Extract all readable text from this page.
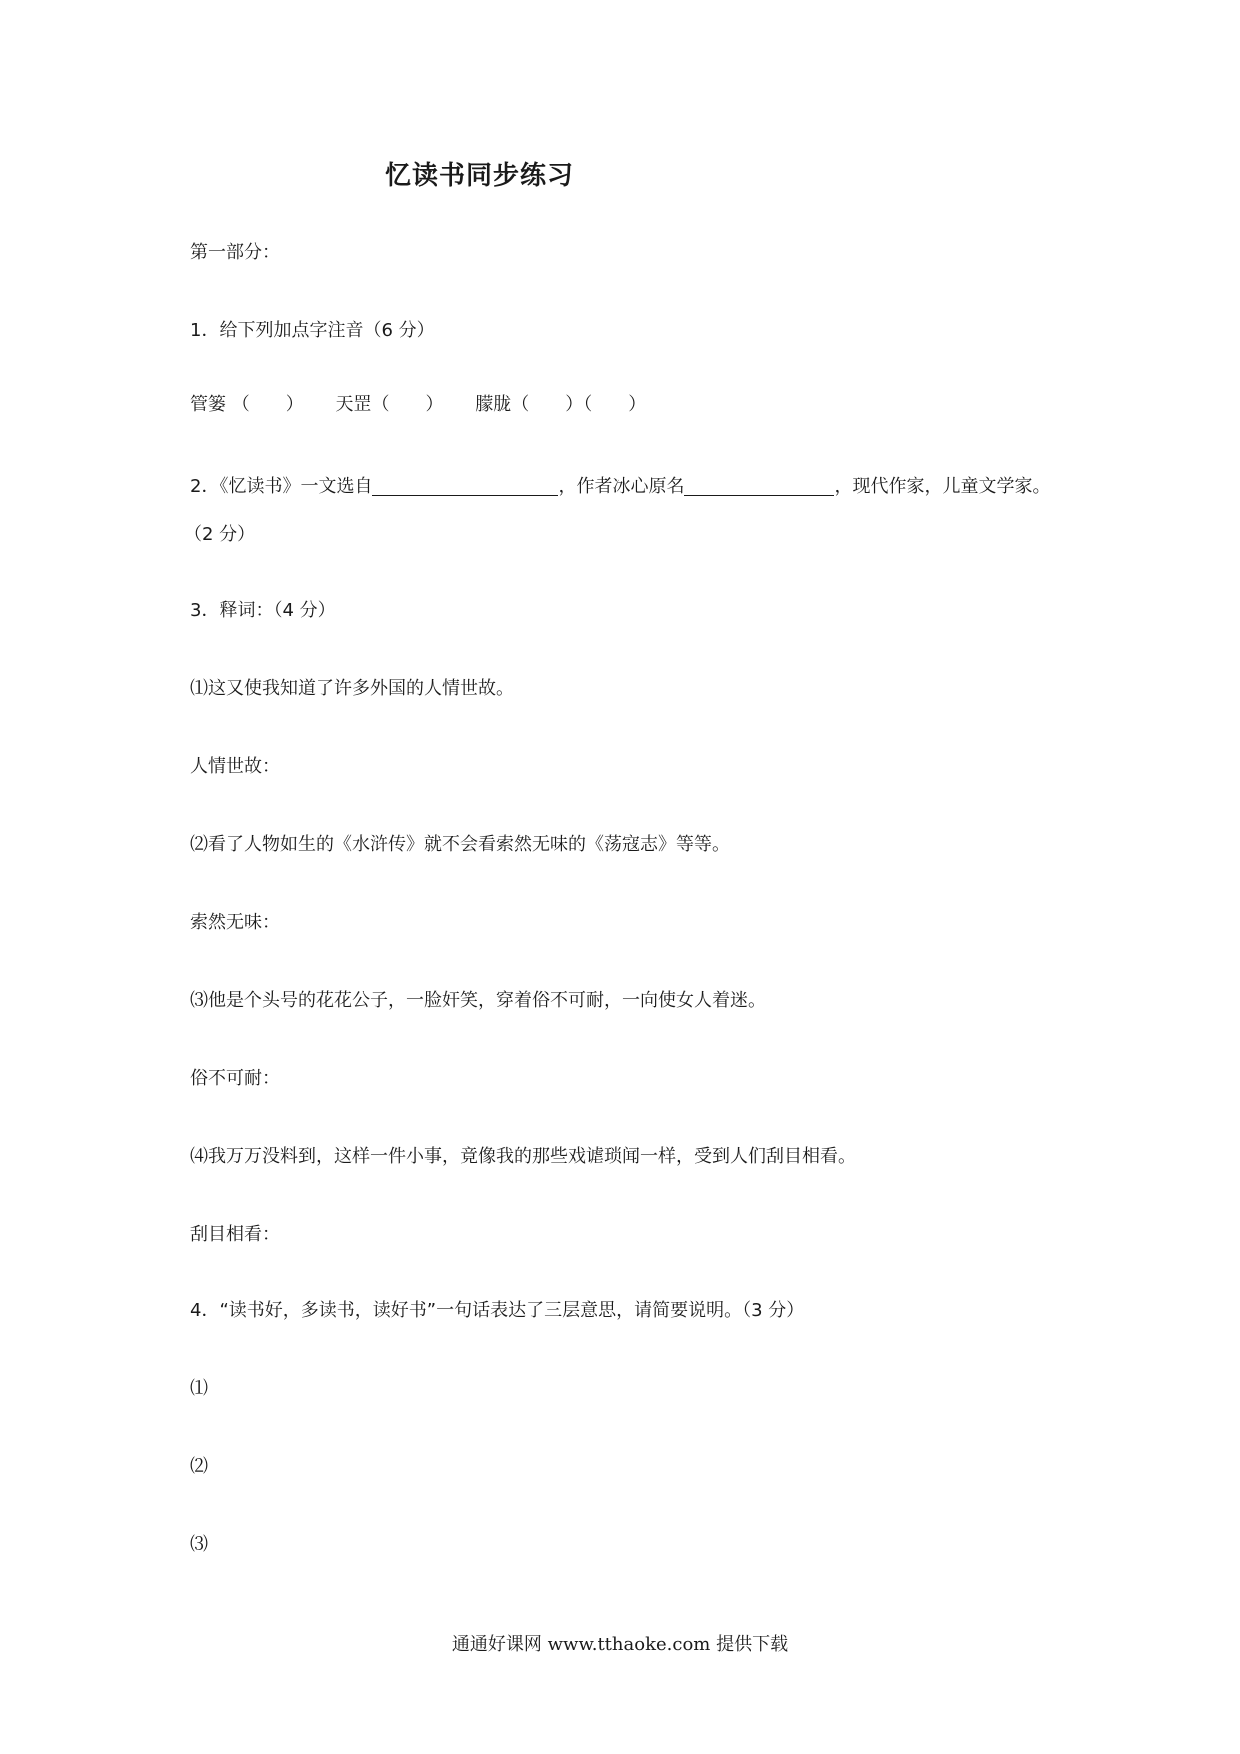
忆读书同步练习

第一部分：

1．给下列加点字注音（6 分）

管篓 （　　） 天罡（　　） 朦胧（　　）（　　）

2．《忆读书》一文选自	，作者冰心原名	，现代作家，儿童文学家。

（2 分）

3．释词：（4 分）

⑴这又使我知道了许多外国的人情世故。

人情世故：

⑵看了人物如生的《水浒传》就不会看索然无味的《荡寇志》等等。

索然无味：

⑶他是个头号的花花公子，一脸奸笑，穿着俗不可耐，一向使女人着迷。

俗不可耐：

⑷我万万没料到，这样一件小事，竟像我的那些戏谑琐闻一样，受到人们刮目相看。

刮目相看：

4．“读书好，多读书，读好书”一句话表达了三层意思，请简要说明。（3 分）

⑴

⑵

⑶

通通好课网 www.tthaoke.com 提供下载
